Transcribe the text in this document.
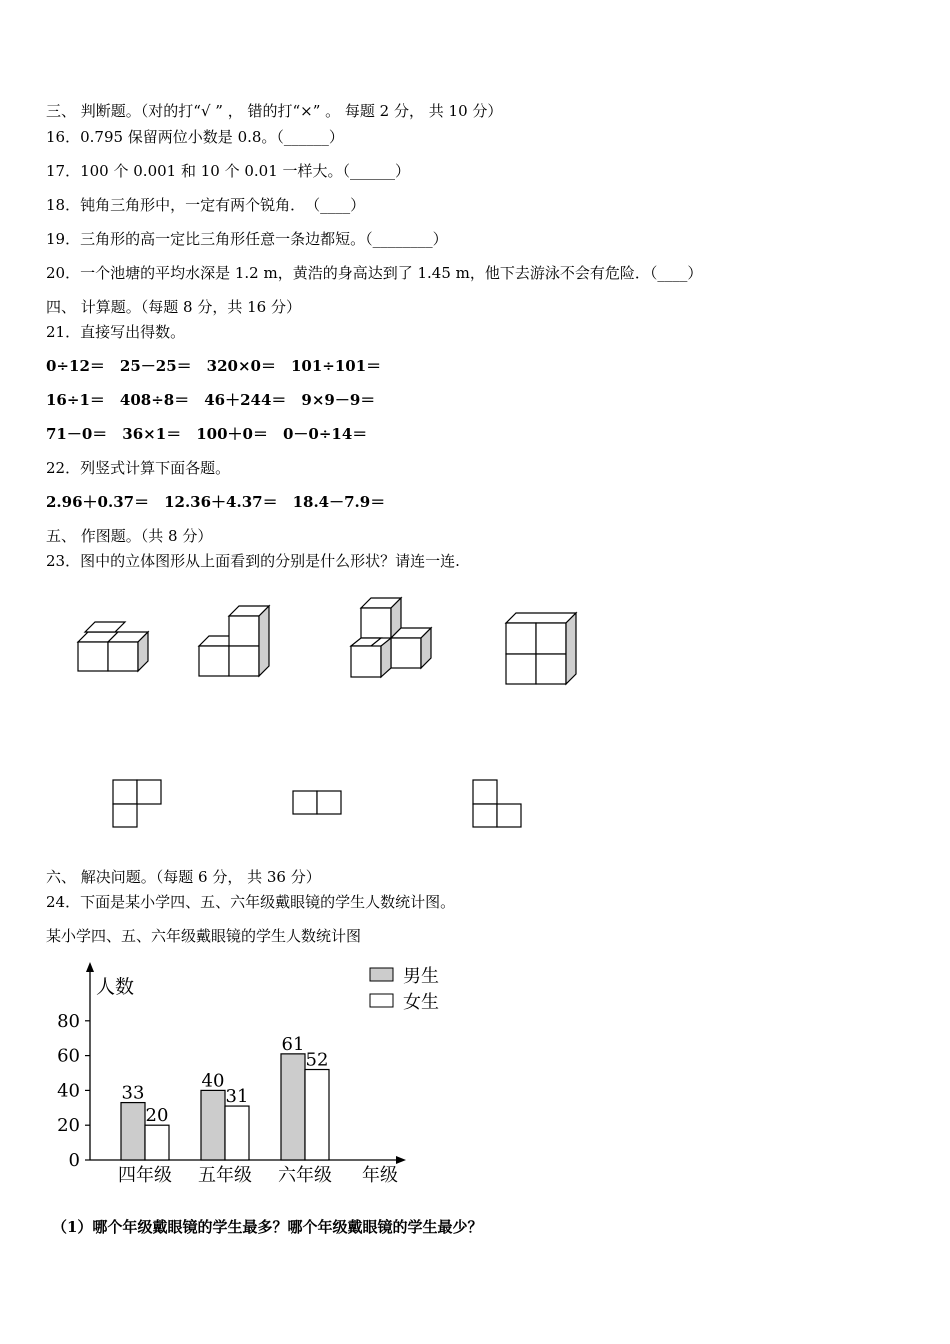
三、 判断题。（对的打“√ ” ， 错的打“×” 。 每题 2 分， 共 10 分）
16．0.795 保留两位小数是 0.8。（______）
17．100 个 0.001 和 10 个 0.01 一样大。（______）
18．钝角三角形中，一定有两个锐角．　（____）
19．三角形的高一定比三角形任意一条边都短。（________）
20．一个池塘的平均水深是 1.2 m，黄浩的身高达到了 1.45 m，他下去游泳不会有危险．（____）
四、 计算题。（每题 8 分，共 16 分）
21．直接写出得数。
0÷12＝　25－25＝　320×0＝　101÷101＝
16÷1＝　408÷8＝　46＋244＝　9×9－9＝
71－0＝　36×1＝　100＋0＝　0－0÷14＝
22．列竖式计算下面各题。
2.96＋0.37＝　12.36＋4.37＝　18.4－7.9＝
五、 作图题。（共 8 分）
23．图中的立体图形从上面看到的分别是什么形状？请连一连.
六、 解决问题。（每题 6 分， 共 36 分）
24．下面是某小学四、五、六年级戴眼镜的学生人数统计图。
某小学四、五、六年级戴眼镜的学生人数统计图
人数
年级
男生
女生
0
20
40
60
80
33
20
四年级
40
31
五年级
61
52
六年级
（1）哪个年级戴眼镜的学生最多？哪个年级戴眼镜的学生最少？
